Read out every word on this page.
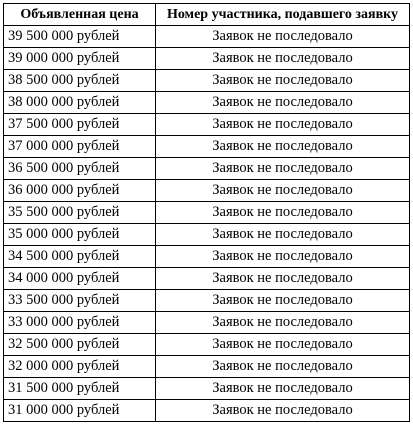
Объявленная цена	Номер участника, подавшего заявку
39 500 000 рублей	Заявок не последовало
39 000 000 рублей	Заявок не последовало
38 500 000 рублей	Заявок не последовало
38 000 000 рублей	Заявок не последовало
37 500 000 рублей	Заявок не последовало
37 000 000 рублей	Заявок не последовало
36 500 000 рублей	Заявок не последовало
36 000 000 рублей	Заявок не последовало
35 500 000 рублей	Заявок не последовало
35 000 000 рублей	Заявок не последовало
34 500 000 рублей	Заявок не последовало
34 000 000 рублей	Заявок не последовало
33 500 000 рублей	Заявок не последовало
33 000 000 рублей	Заявок не последовало
32 500 000 рублей	Заявок не последовало
32 000 000 рублей	Заявок не последовало
31 500 000 рублей	Заявок не последовало
31 000 000 рублей	Заявок не последовало
